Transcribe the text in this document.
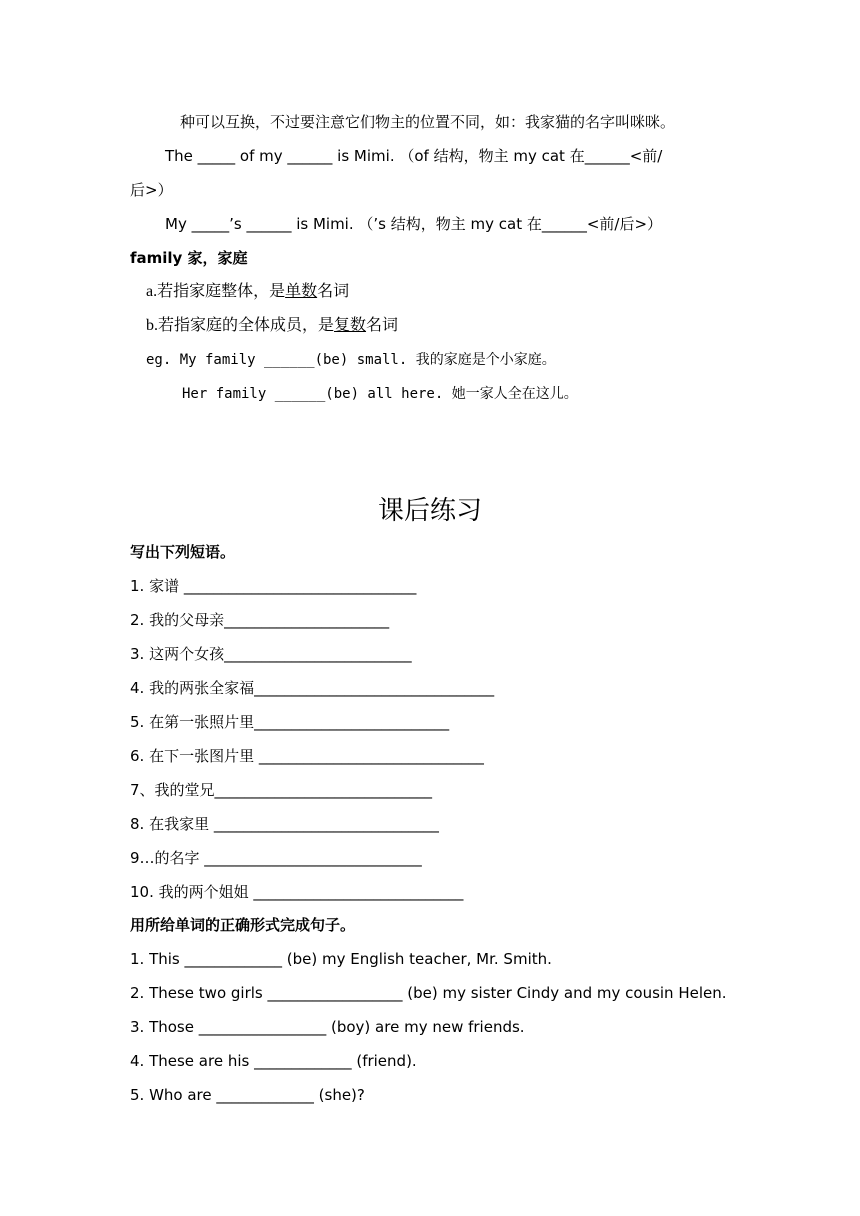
种可以互换，不过要注意它们物主的位置不同，如：我家猫的名字叫咪咪。
The _____ of my ______ is Mimi. （of 结构，物主 my cat 在______<前/
后>）
My _____’s ______ is Mimi. （’s 结构，物主 my cat 在______<前/后>）
family 家，家庭
a.若指家庭整体，是单数名词
b.若指家庭的全体成员，是复数名词
eg. My family ______(be) small. 我的家庭是个小家庭。
Her family ______(be) all here. 她一家人全在这儿。
课后练习
写出下列短语。
1. 家谱 _______________________________
2. 我的父母亲______________________
3. 这两个女孩_________________________
4. 我的两张全家福________________________________
5. 在第一张照片里__________________________
6. 在下一张图片里 ______________________________
7、我的堂兄_____________________________
8. 在我家里 ______________________________
9…的名字 _____________________________
10. 我的两个姐姐 ____________________________
用所给单词的正确形式完成句子。
1. This _____________ (be) my English teacher, Mr. Smith.
2. These two girls __________________ (be) my sister Cindy and my cousin Helen.
3. Those _________________ (boy) are my new friends.
4. These are his _____________ (friend).
5. Who are _____________ (she)?
